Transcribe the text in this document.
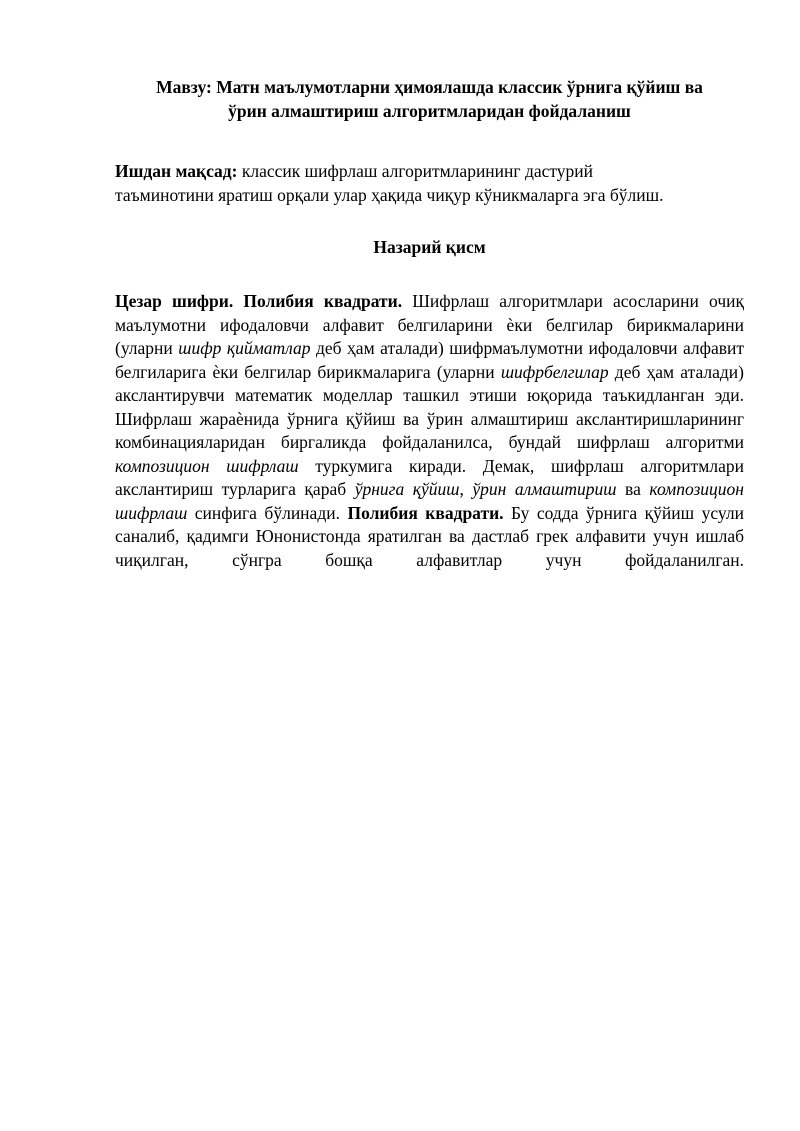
Мавзу: Матн маълумотларни ҳимоялашда классик ўрнига қўйиш ва
ўрин алмаштириш алгоритмларидан фойдаланиш
Ишдан мақсад: классик шифрлаш алгоритмларининг дастурий
таъминотини яратиш орқали улар ҳақида чиқур кўникмаларга эга бўлиш.
Назарий қисм
Цезар шифри. Полибия квадрати. Шифрлаш алгоритмлари асосларини очиқ маълумотни ифодаловчи алфавит белгиларини ѐки белгилар бирикмаларини (уларни шифр қийматлар деб ҳам аталади) шифрмаълумотни ифодаловчи алфавит белгиларига ѐки белгилар бирикмаларига (уларни шифрбелгилар деб ҳам аталади) акслантирувчи математик моделлар ташкил этиши юқорида таъкидланган эди. Шифрлаш жараѐнида ўрнига қўйиш ва ўрин алмаштириш акслантиришларининг комбинацияларидан биргаликда фойдаланилса, бундай шифрлаш алгоритми композицион шифрлаш туркумига киради. Демак, шифрлаш алгоритмлари акслантириш турларига қараб ўрнига қўйиш, ўрин алмаштириш ва композицион шифрлаш синфига бўлинади. Полибия квадрати. Бу содда ўрнига қўйиш усули саналиб, қадимги Юнонистонда яратилган ва дастлаб грек алфавити учун ишлаб чиқилган, сўнгра бошқа алфавитлар учун фойдаланилган.
